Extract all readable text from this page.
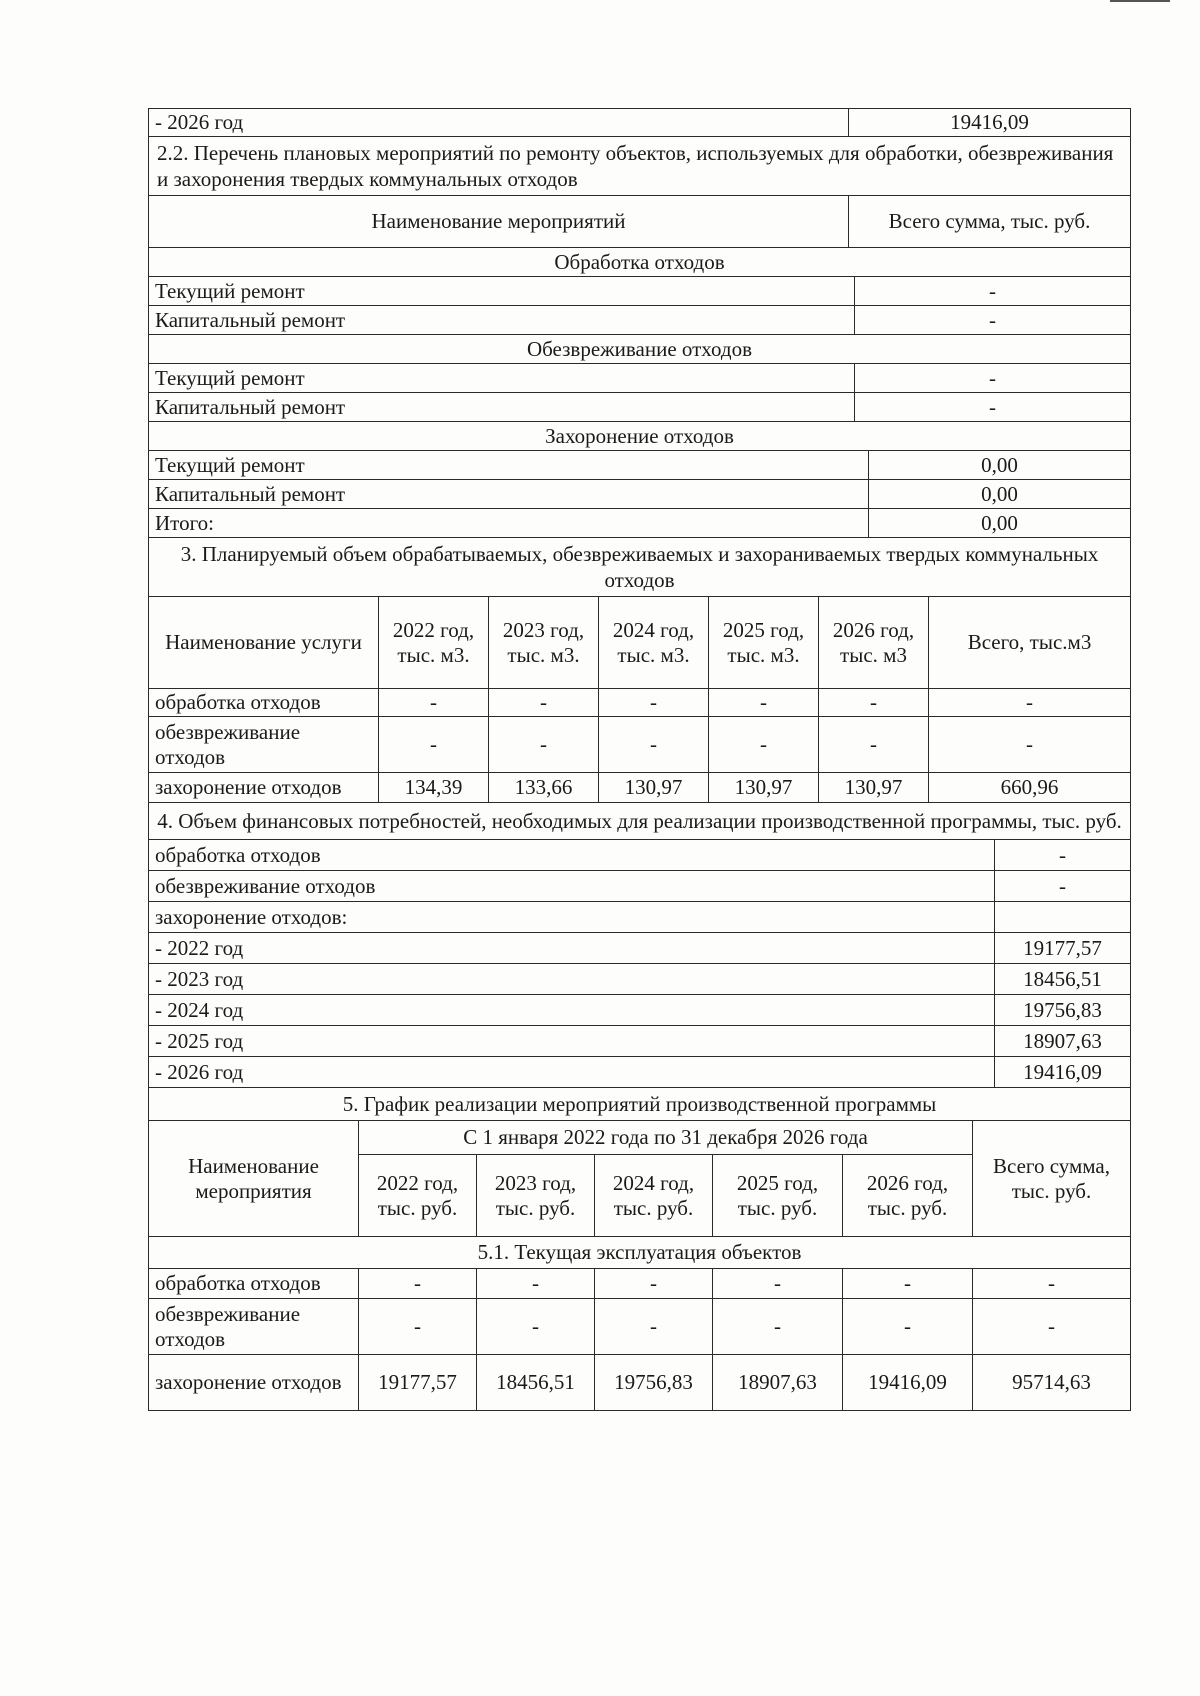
- 2026 год	19416,09
2.2. Перечень плановых мероприятий по ремонту объектов, используемых для обработки, обезвреживания и захоронения твердых коммунальных отходов	
Наименование мероприятий	Всего сумма, тыс. руб.
Обработка отходов	
Текущий ремонт	-
Капитальный ремонт	-
Обезвреживание отходов	
Текущий ремонт	-
Капитальный ремонт	-
Захоронение отходов	
Текущий ремонт	0,00
Капитальный ремонт	0,00
Итого:	0,00
3. Планируемый объем обрабатываемых, обезвреживаемых и захораниваемых твердых коммунальных отходов						
Наименование услуги	2022 год, тыс. м3.	2023 год, тыс. м3.	2024 год, тыс. м3.	2025 год, тыс. м3.	2026 год, тыс. м3	Всего, тыс.м3
обработка отходов	-	-	-	-	-	-
обезвреживание отходов	-	-	-	-	-	-
захоронение отходов	134,39	133,66	130,97	130,97	130,97	660,96
4. Объем финансовых потребностей, необходимых для реализации производственной программы, тыс. руб.	
обработка отходов	-
обезвреживание отходов	-
захоронение отходов:	
- 2022 год	19177,57
- 2023 год	18456,51
- 2024 год	19756,83
- 2025 год	18907,63
- 2026 год	19416,09
5. График реализации мероприятий производственной программы						
Наименование мероприятия	С 1 января 2022 года по 31 декабря 2026 года					Всего сумма, тыс. руб.
	2022 год, тыс. руб.	2023 год, тыс. руб.	2024 год, тыс. руб.	2025 год, тыс. руб.	2026 год, тыс. руб.	
5.1. Текущая эксплуатация объектов						
обработка отходов	-	-	-	-	-	-
обезвреживание отходов	-	-	-	-	-	-
захоронение отходов	19177,57	18456,51	19756,83	18907,63	19416,09	95714,63
